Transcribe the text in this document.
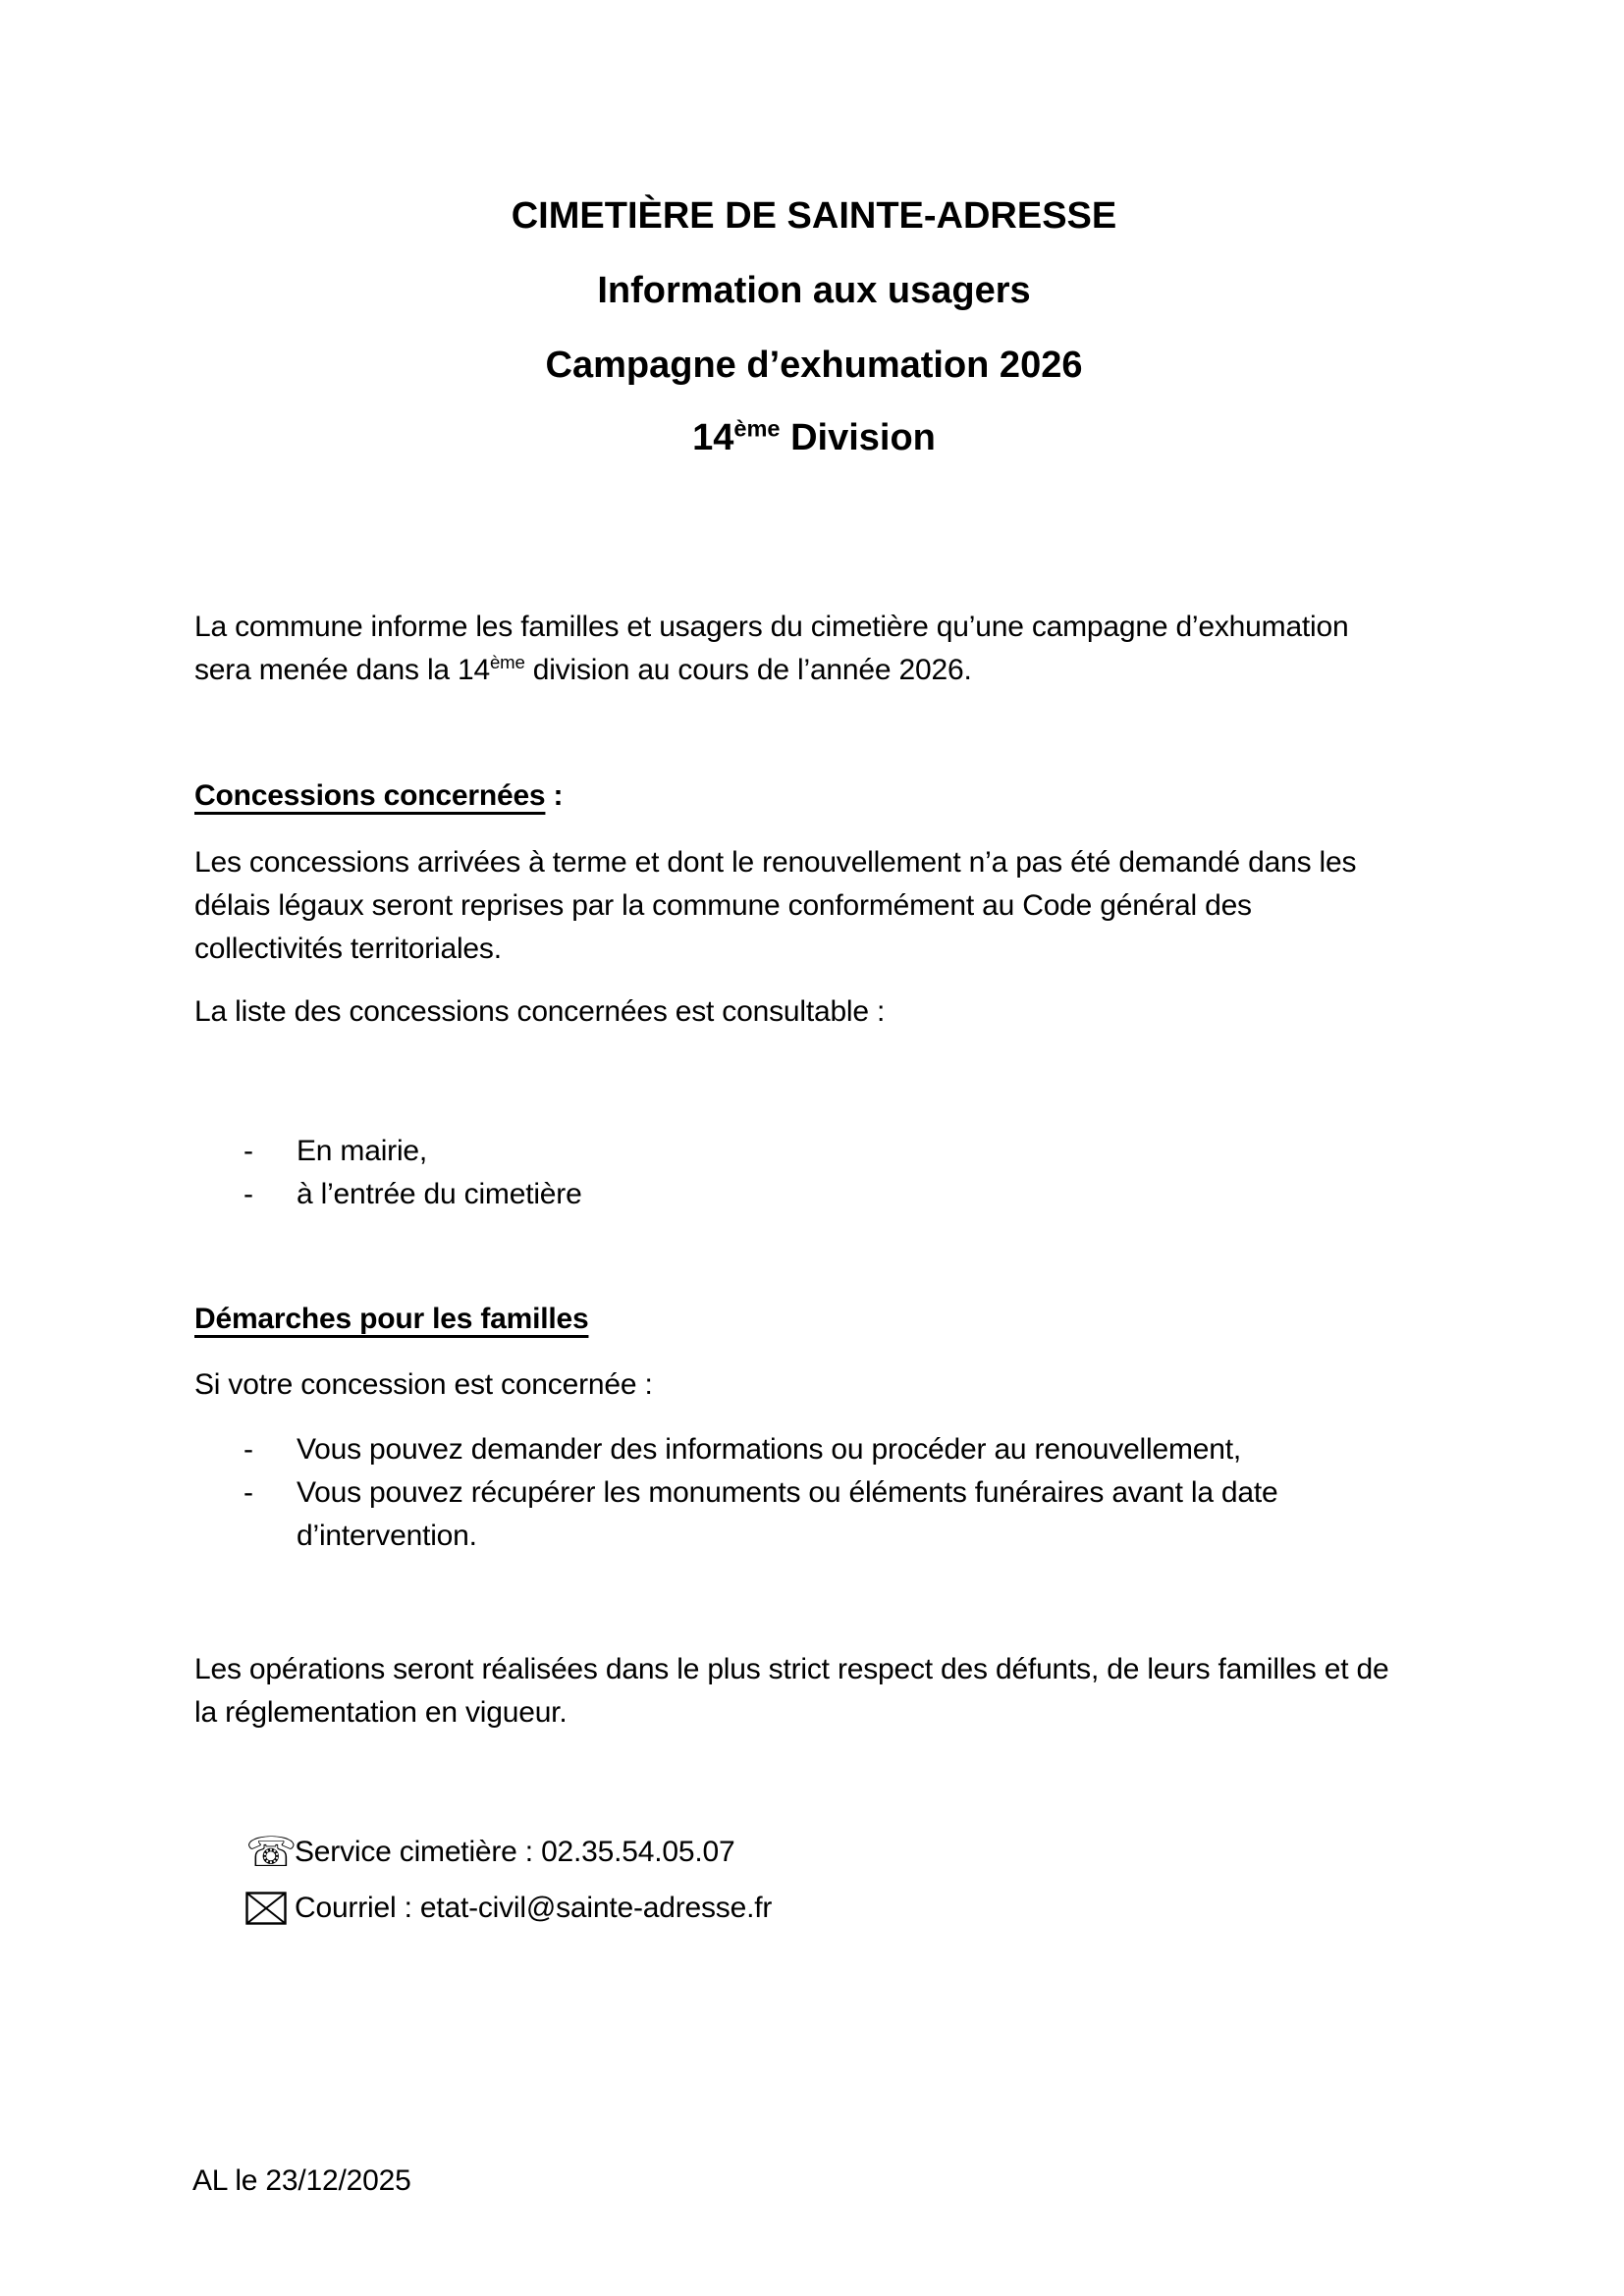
CIMETIÈRE DE SAINTE-ADRESSE

Information aux usagers

Campagne d’exhumation 2026

14ème Division

La commune informe les familles et usagers du cimetière qu’une campagne d’exhumation
sera menée dans la 14ème division au cours de l’année 2026.

Concessions concernées :

Les concessions arrivées à terme et dont le renouvellement n’a pas été demandé dans les
délais légaux seront reprises par la commune conformément au Code général des
collectivités territoriales.

La liste des concessions concernées est consultable :

-	En mairie,
-	à l’entrée du cimetière

Démarches pour les familles

Si votre concession est concernée :

-	Vous pouvez demander des informations ou procéder au renouvellement,
-	Vous pouvez récupérer les monuments ou éléments funéraires avant la date
d’intervention.

Les opérations seront réalisées dans le plus strict respect des défunts, de leurs familles et de
la réglementation en vigueur.

☏
Service cimetière : 02.35.54.05.07
Courriel : etat-civil@sainte-adresse.fr
AL le 23/12/2025
